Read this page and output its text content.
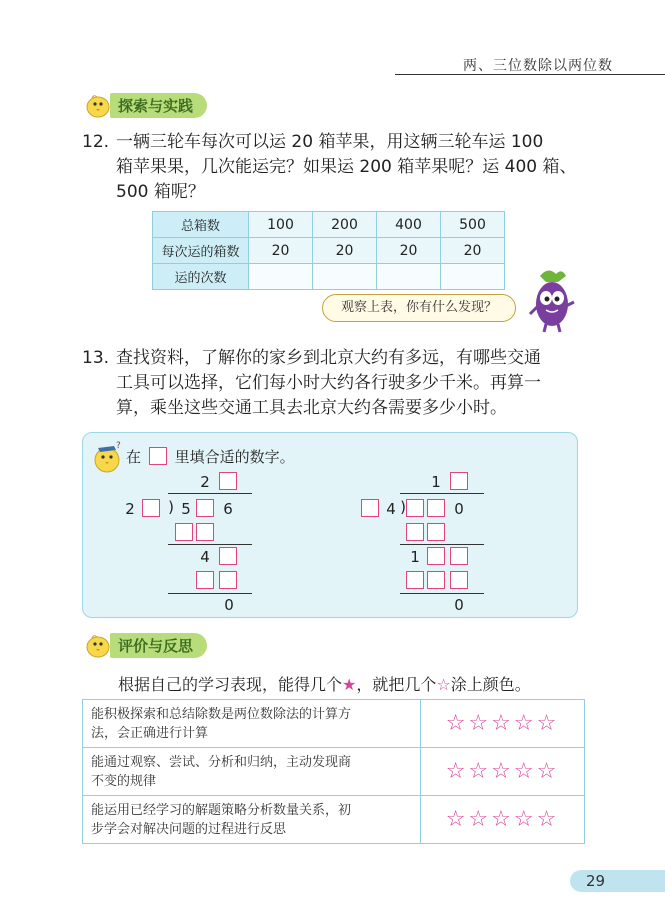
两、三位数除以两位数
探索与实践
12. 一辆三轮车每次可以运 20 箱苹果，用这辆三轮车运 100
箱苹果果，几次能运完？如果运 200 箱苹果呢？运 400 箱、
500 箱呢？
总箱数	100	200	400	500
每次运的箱数	20	20	20	20
运的次数				
观察上表，你有什么发现？
13. 查找资料，了解你的家乡到北京大约有多远，有哪些交通
工具可以选择，它们每小时大约各行驶多少千米。再算一
算，乘坐这些交通工具去北京大约各需要多少小时。
?
在 里填合适的数字。
2
2	) 5 6
4
0
1
4 )	0
1
0
评价与反思
根据自己的学习表现，能得几个★，就把几个☆涂上颜色。
能积极探索和总结除数是两位数除法的计算方
法，会正确进行计算	☆☆☆☆☆

能通过观察、尝试、分析和归纳，主动发现商
不变的规律	☆☆☆☆☆

能运用已经学习的解题策略分析数量关系，初
步学会对解决问题的过程进行反思	☆☆☆☆☆
29
